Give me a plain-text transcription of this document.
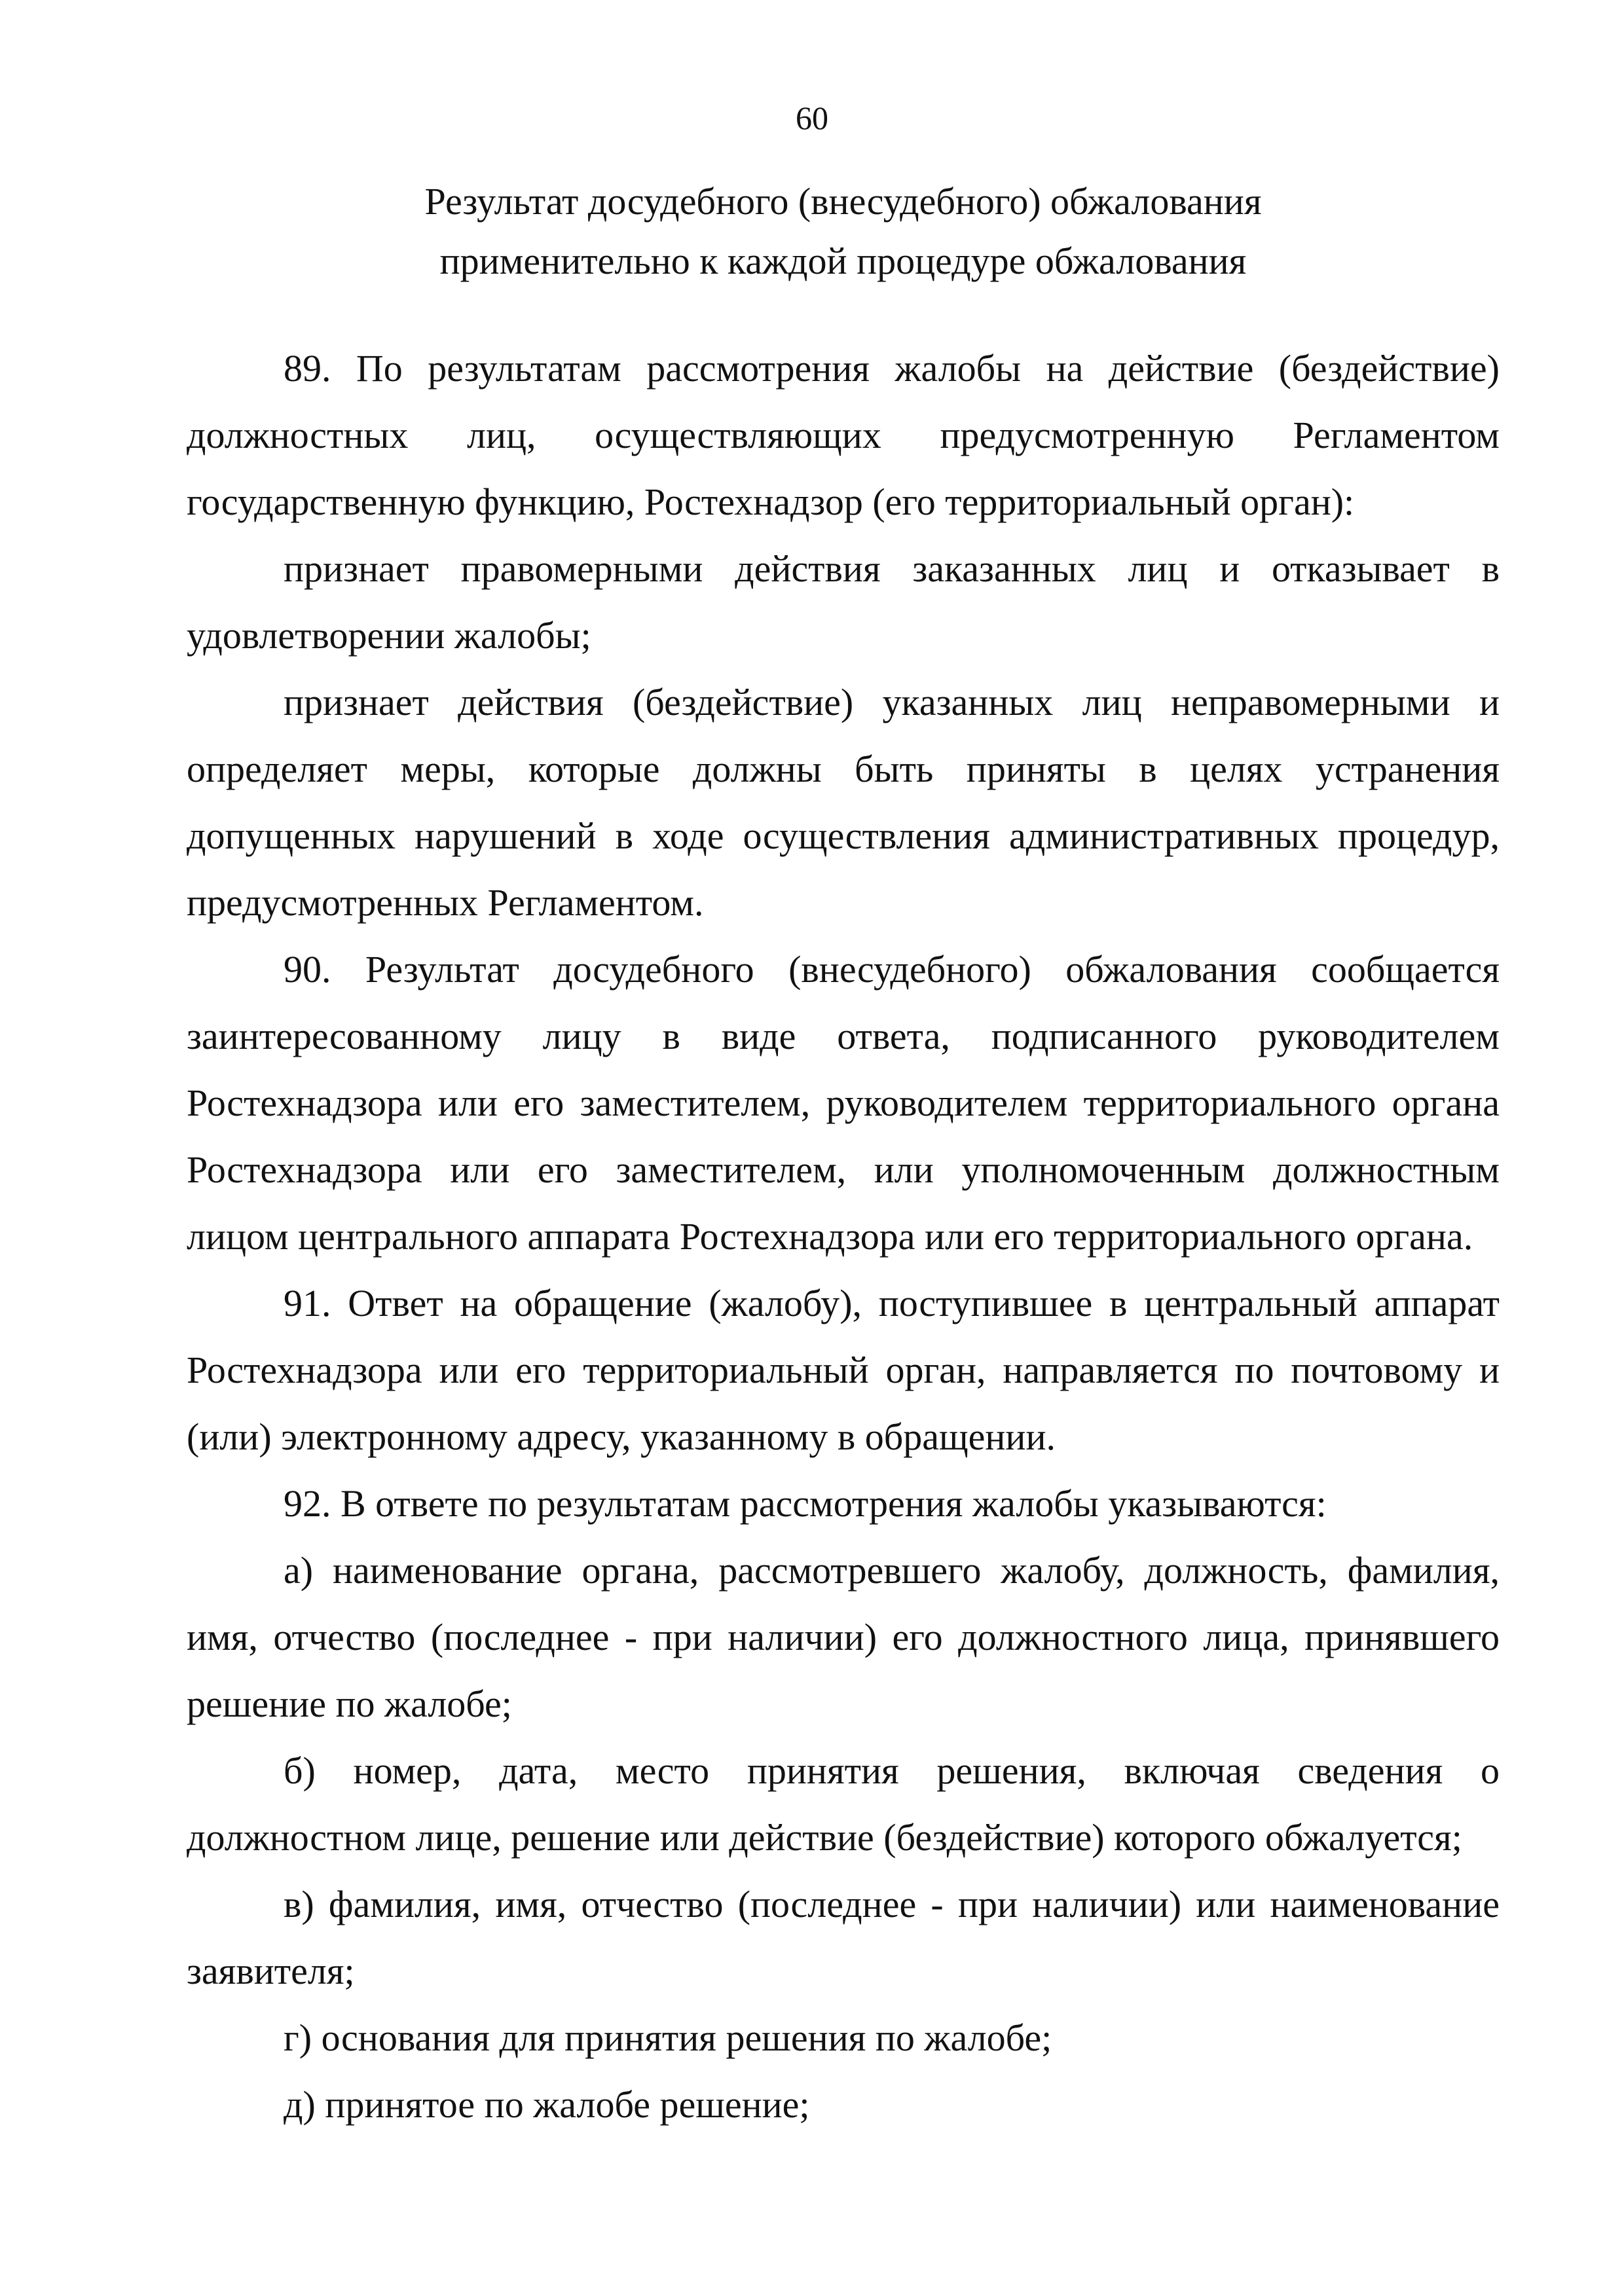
60
Результат досудебного (внесудебного) обжалования
применительно к каждой процедуре обжалования

89. По результатам рассмотрения жалобы на действие (бездействие) должностных лиц, осуществляющих предусмотренную Регламентом государственную функцию, Ростехнадзор (его территориальный орган):

признает правомерными действия заказанных лиц и отказывает в удовлетворении жалобы;

признает действия (бездействие) указанных лиц неправомерными и определяет меры, которые должны быть приняты в целях устранения допущенных нарушений в ходе осуществления административных процедур, предусмотренных Регламентом.

90. Результат досудебного (внесудебного) обжалования сообщается заинтересованному лицу в виде ответа, подписанного руководителем Ростехнадзора или его заместителем, руководителем территориального органа Ростехнадзора или его заместителем, или уполномоченным должностным лицом центрального аппарата Ростехнадзора или его территориального органа.

91. Ответ на обращение (жалобу), поступившее в центральный аппарат Ростехнадзора или его территориальный орган, направляется по почтовому и (или) электронному адресу, указанному в обращении.

92. В ответе по результатам рассмотрения жалобы указываются:

а) наименование органа, рассмотревшего жалобу, должность, фамилия, имя, отчество (последнее - при наличии) его должностного лица, принявшего решение по жалобе;

б) номер, дата, место принятия решения, включая сведения о должностном лице, решение или действие (бездействие) которого обжалуется;

в) фамилия, имя, отчество (последнее - при наличии) или наименование заявителя;

г) основания для принятия решения по жалобе;

д) принятое по жалобе решение;
